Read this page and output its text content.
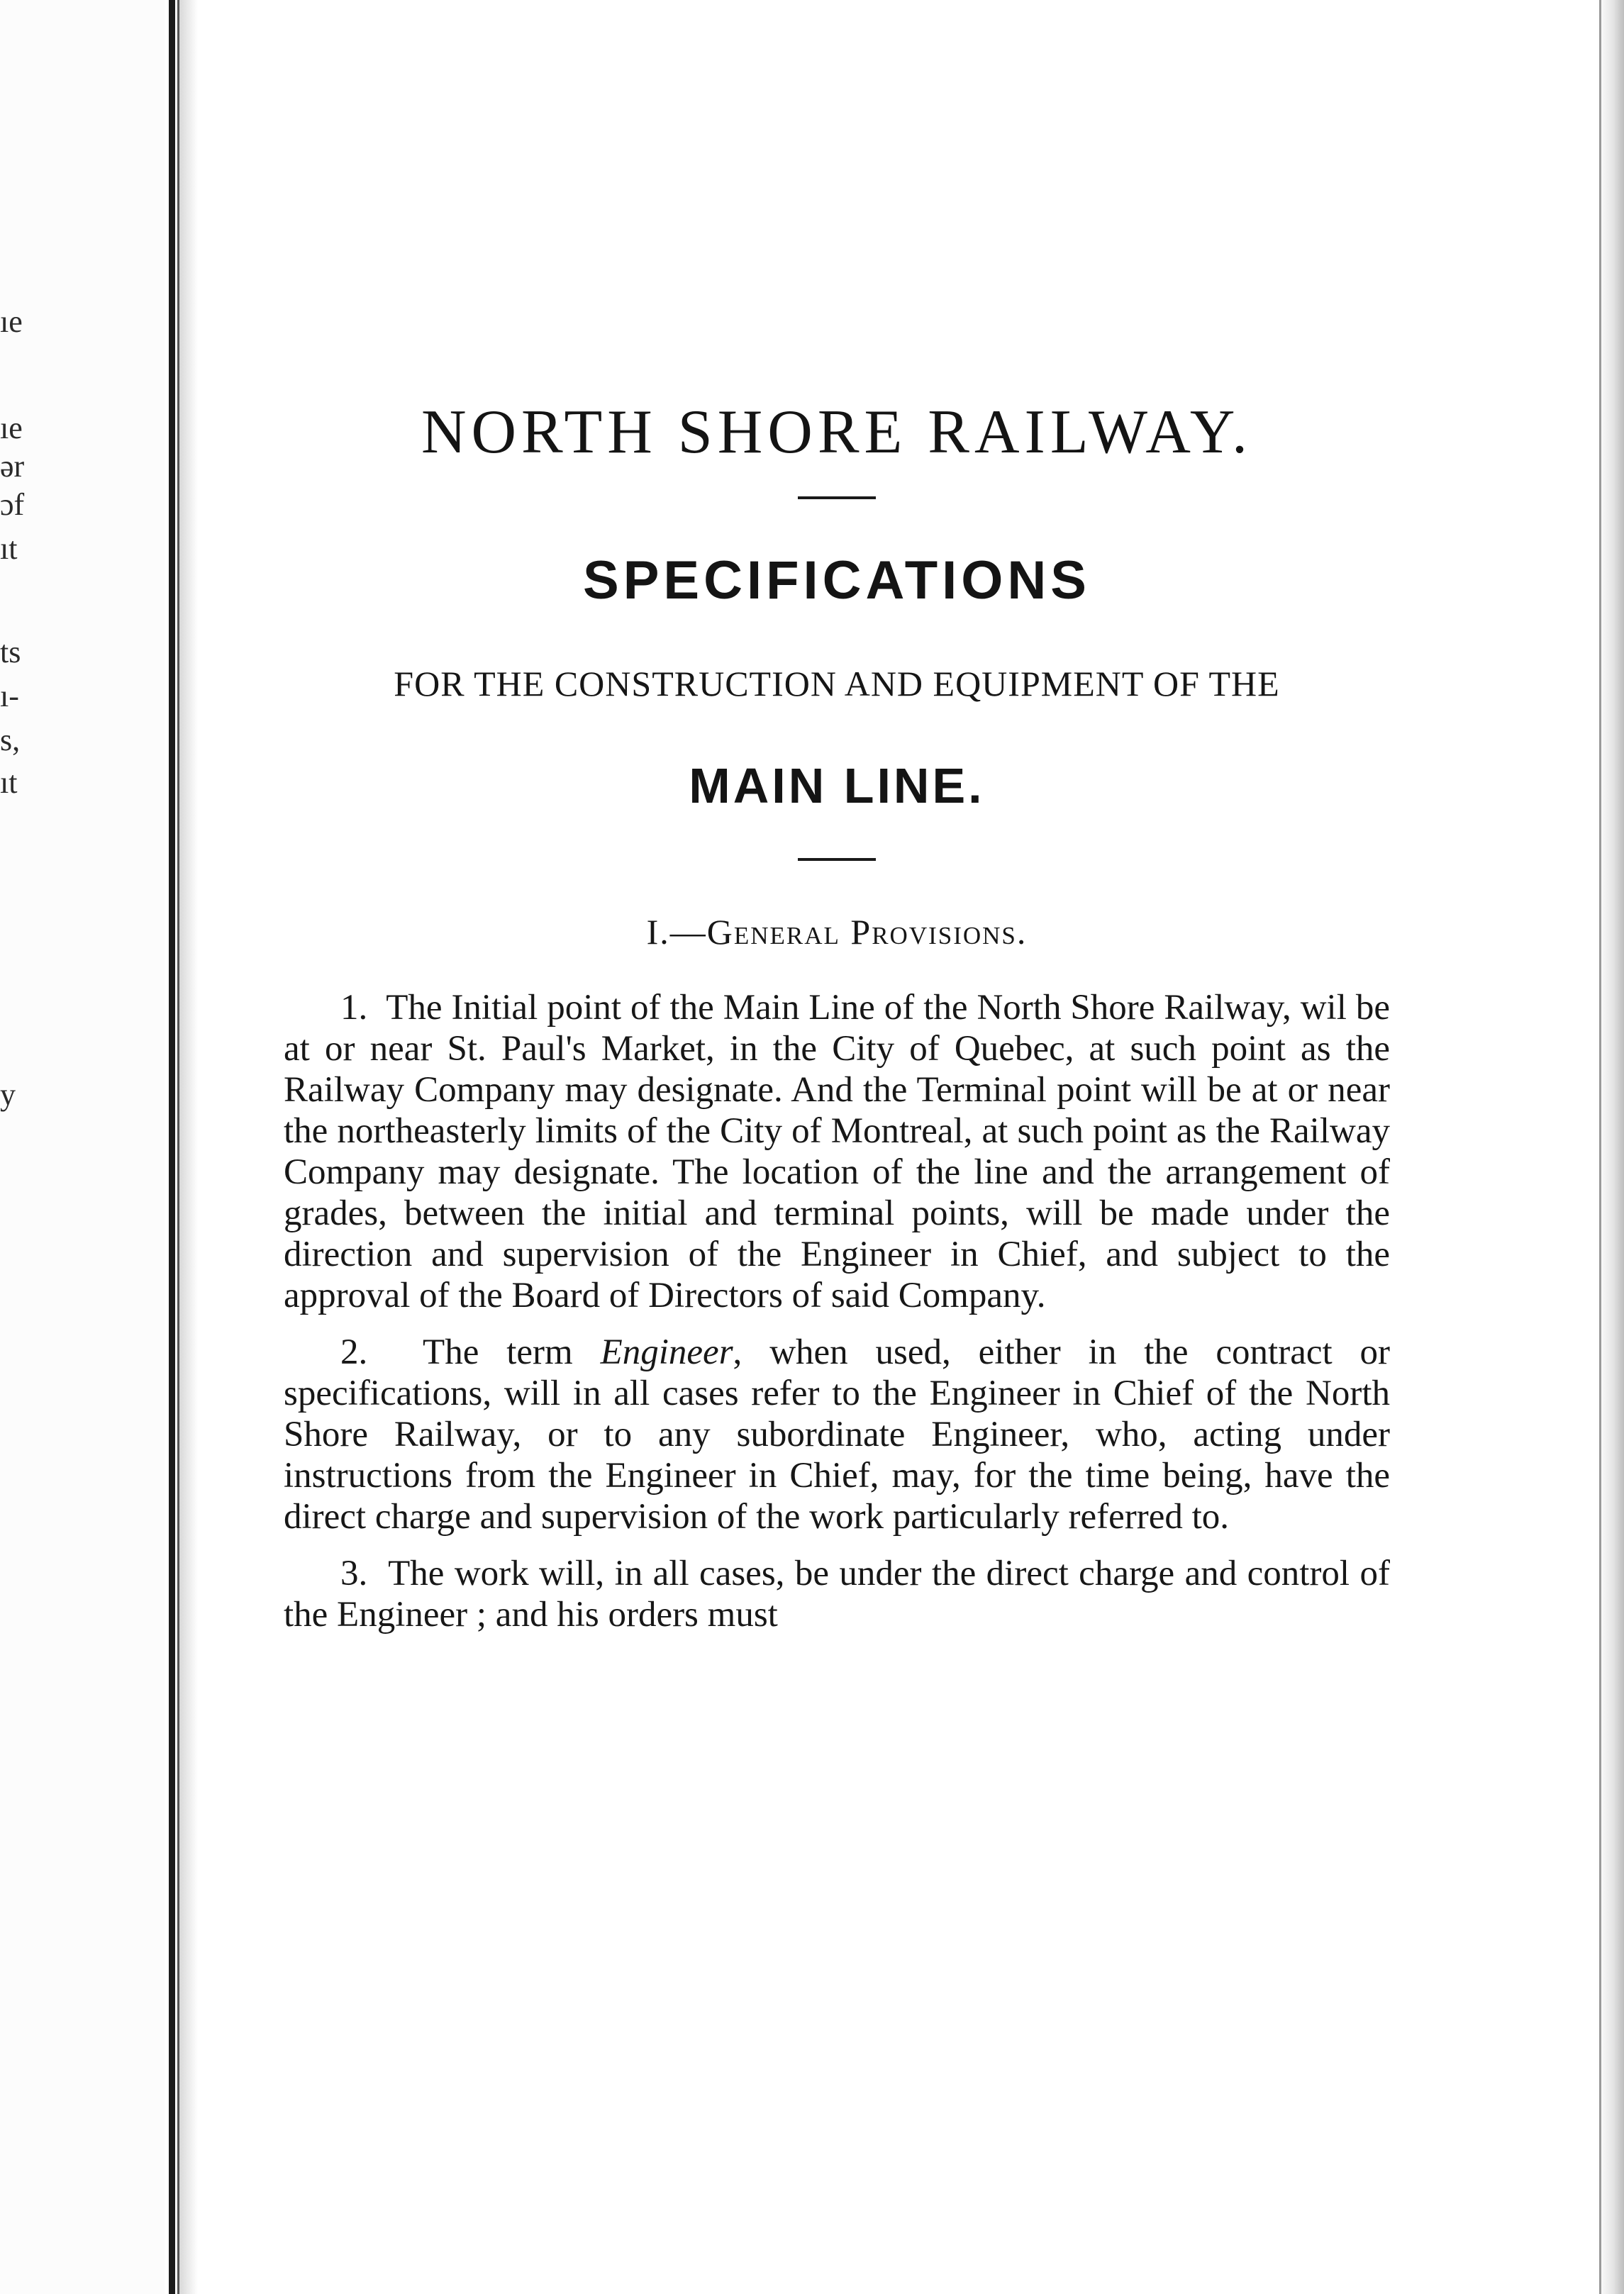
ıe
ıe
ər
ɔf
ıt
ts
ı-
s,
ıt
y
NORTH SHORE RAILWAY.
SPECIFICATIONS
FOR THE CONSTRUCTION AND EQUIPMENT OF THE
MAIN LINE.
I.—General Provisions.

1. The Initial point of the Main Line of the North Shore Railway, wil be at or near St. Paul's Market, in the City of Quebec, at such point as the Railway Company may designate. And the Terminal point will be at or near the northeasterly limits of the City of Montreal, at such point as the Railway Company may designate. The location of the line and the arrangement of grades, between the initial and terminal points, will be made under the direction and supervision of the Engineer in Chief, and subject to the approval of the Board of Directors of said Company.

2. The term Engineer, when used, either in the contract or specifications, will in all cases refer to the Engineer in Chief of the North Shore Railway, or to any subordinate Engineer, who, acting under instructions from the Engineer in Chief, may, for the time being, have the direct charge and supervision of the work particularly referred to.

3. The work will, in all cases, be under the direct charge and control of the Engineer ; and his orders must
